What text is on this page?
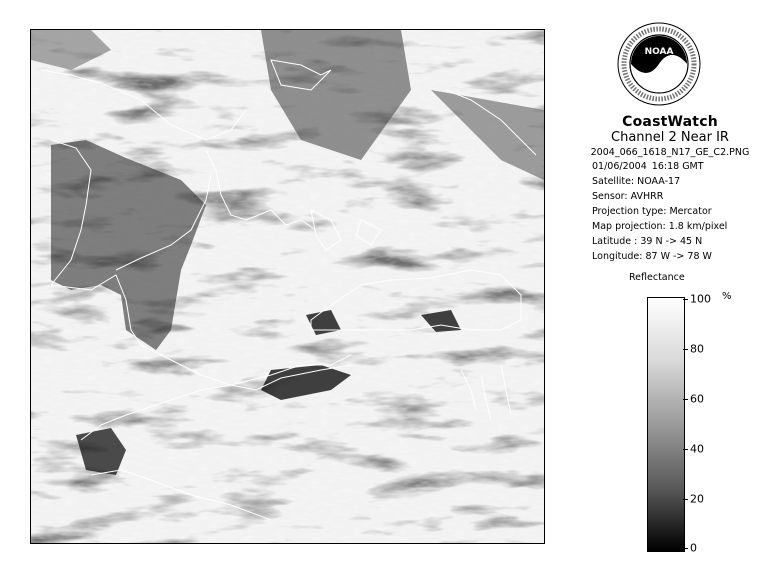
NOAA
CoastWatch
Channel 2 Near IR
2004_066_1618_N17_GE_C2.PNG
01/06/2004 16:18 GMT
Satellite: NOAA-17
Sensor: AVHRR
Projection type: Mercator
Map projection: 1.8 km/pixel
Latitude : 39 N -> 45 N
Longitude: 87 W -> 78 W
Reflectance
%
100
80
60
40
20
0
